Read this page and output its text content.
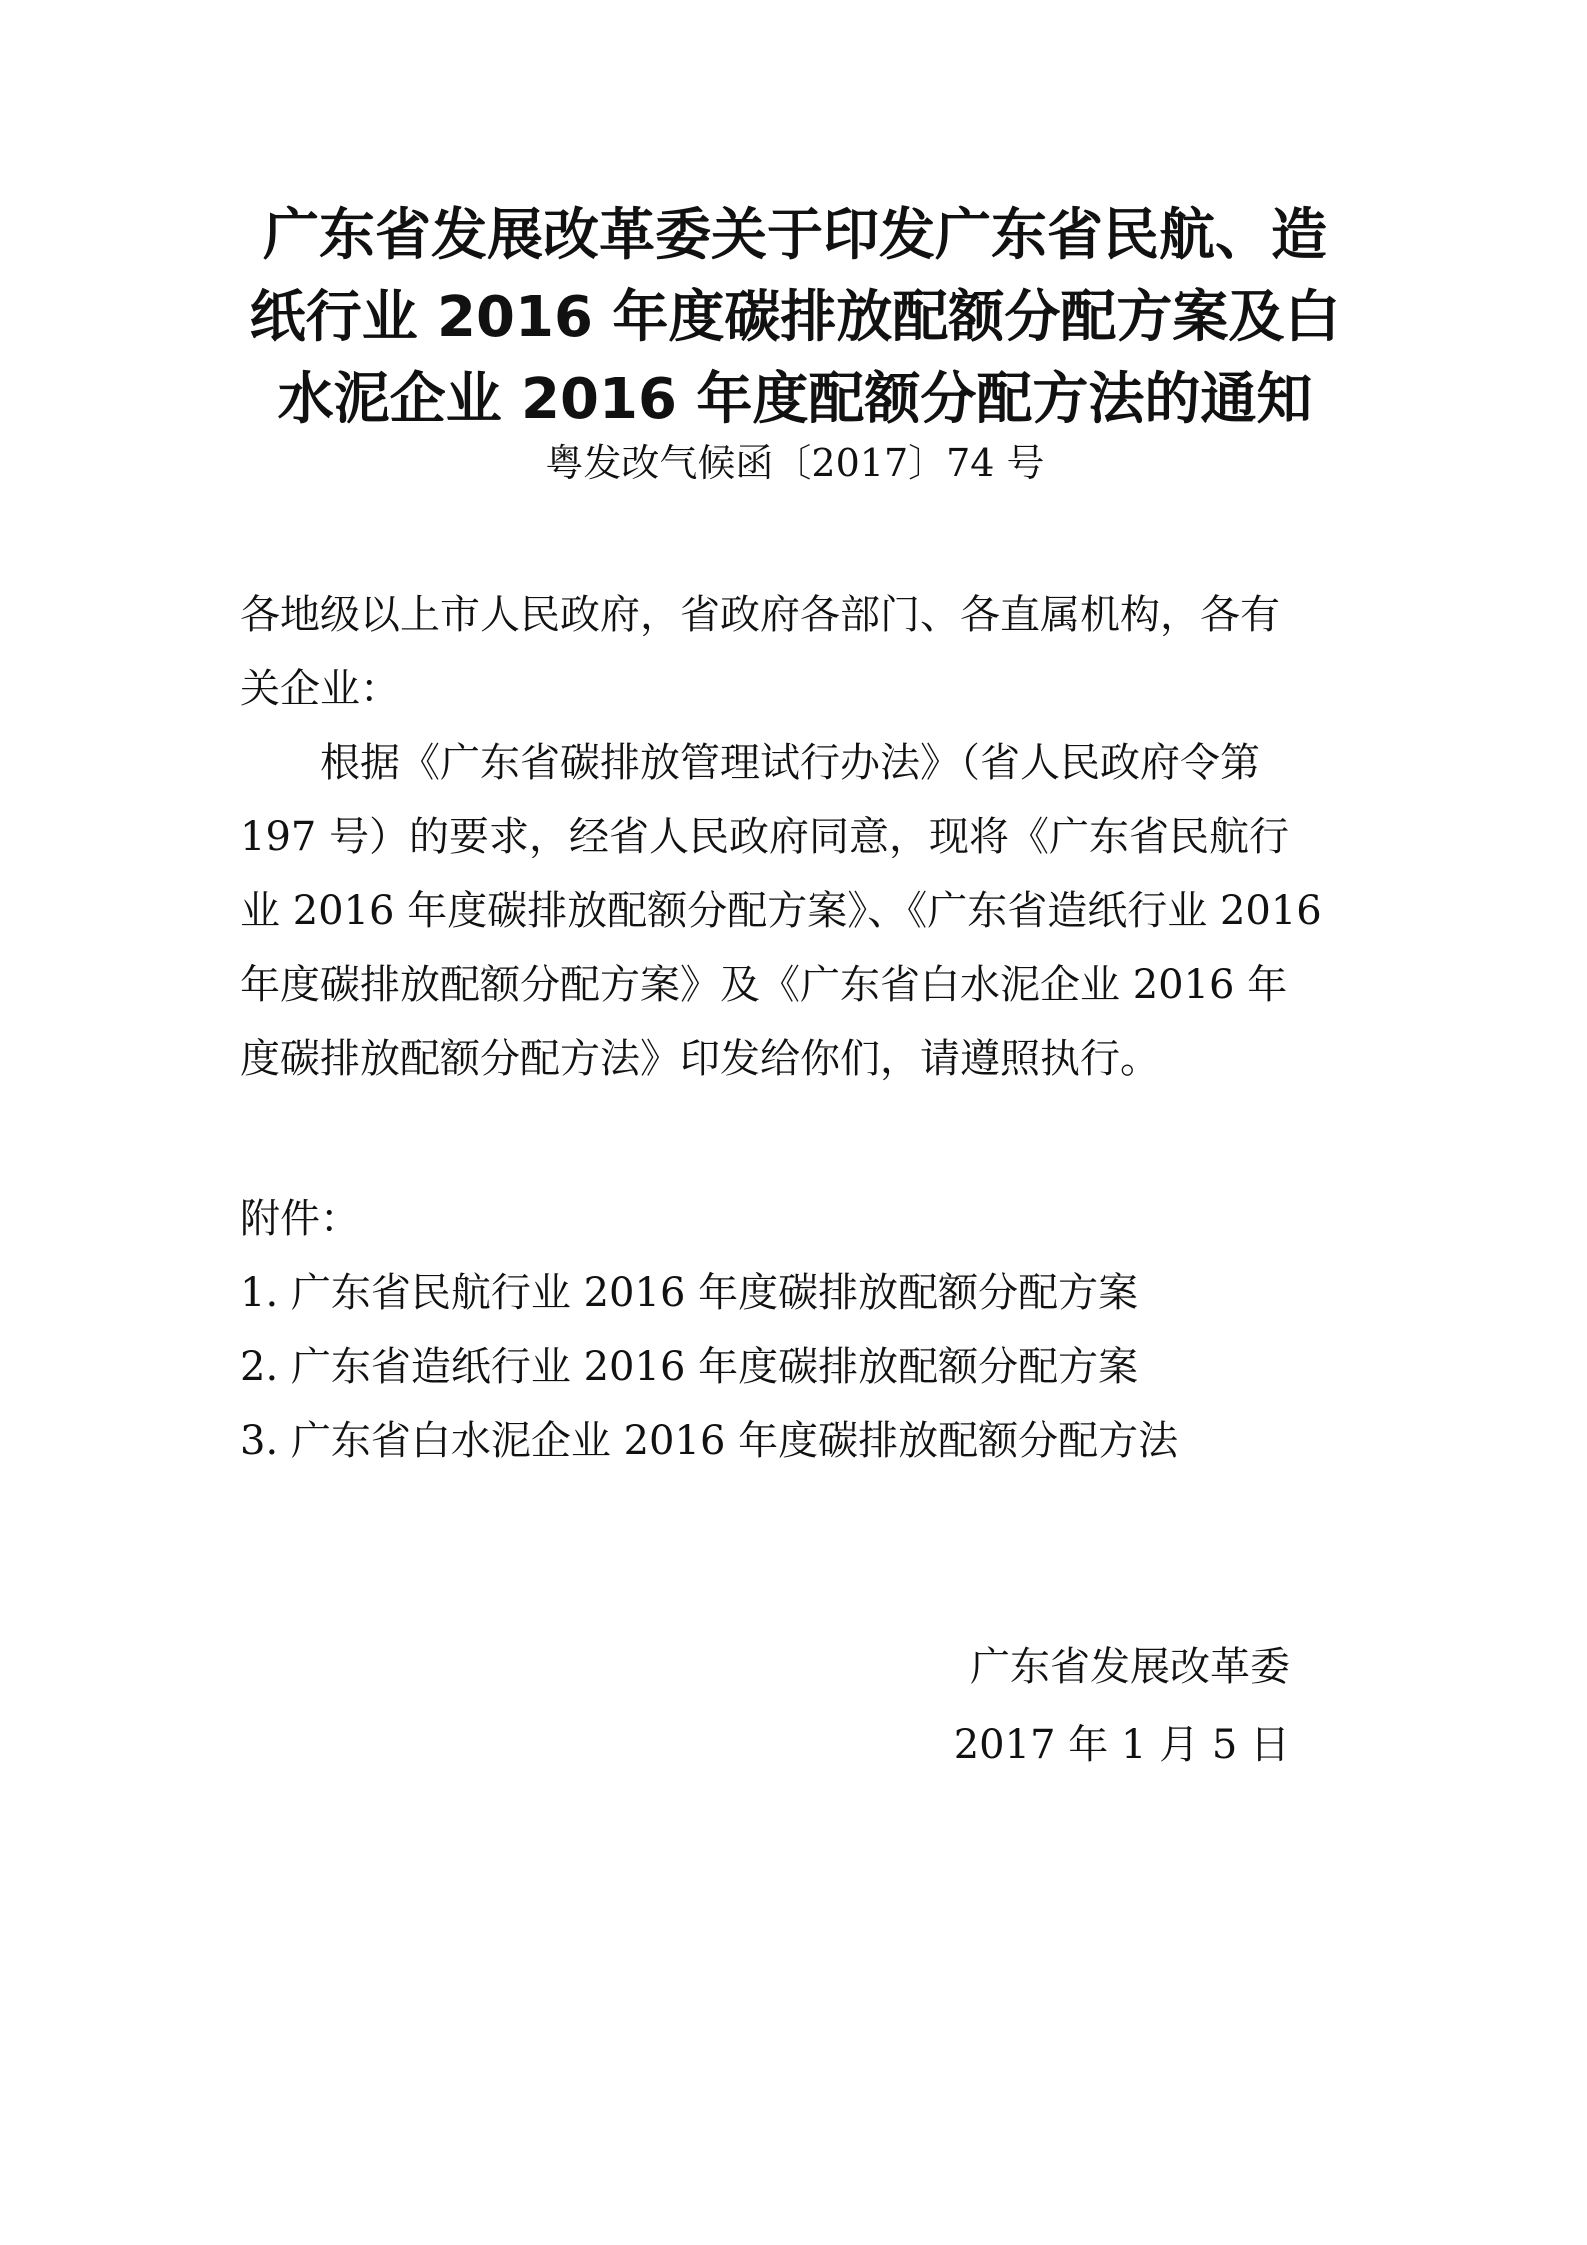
广东省发展改革委关于印发广东省民航、造
纸行业 2016 年度碳排放配额分配方案及白
水泥企业 2016 年度配额分配方法的通知
粤发改气候函〔2017〕74 号
各地级以上市人民政府，省政府各部门、各直属机构，各有
关企业：
　　根据《广东省碳排放管理试行办法》（省人民政府令第
197 号）的要求，经省人民政府同意，现将《广东省民航行
业 2016 年度碳排放配额分配方案》、《广东省造纸行业 2016
年度碳排放配额分配方案》及《广东省白水泥企业 2016 年
度碳排放配额分配方法》印发给你们，请遵照执行。
附件：
1. 广东省民航行业 2016 年度碳排放配额分配方案
2. 广东省造纸行业 2016 年度碳排放配额分配方案
3. 广东省白水泥企业 2016 年度碳排放配额分配方法
广东省发展改革委
2017 年 1 月 5 日
